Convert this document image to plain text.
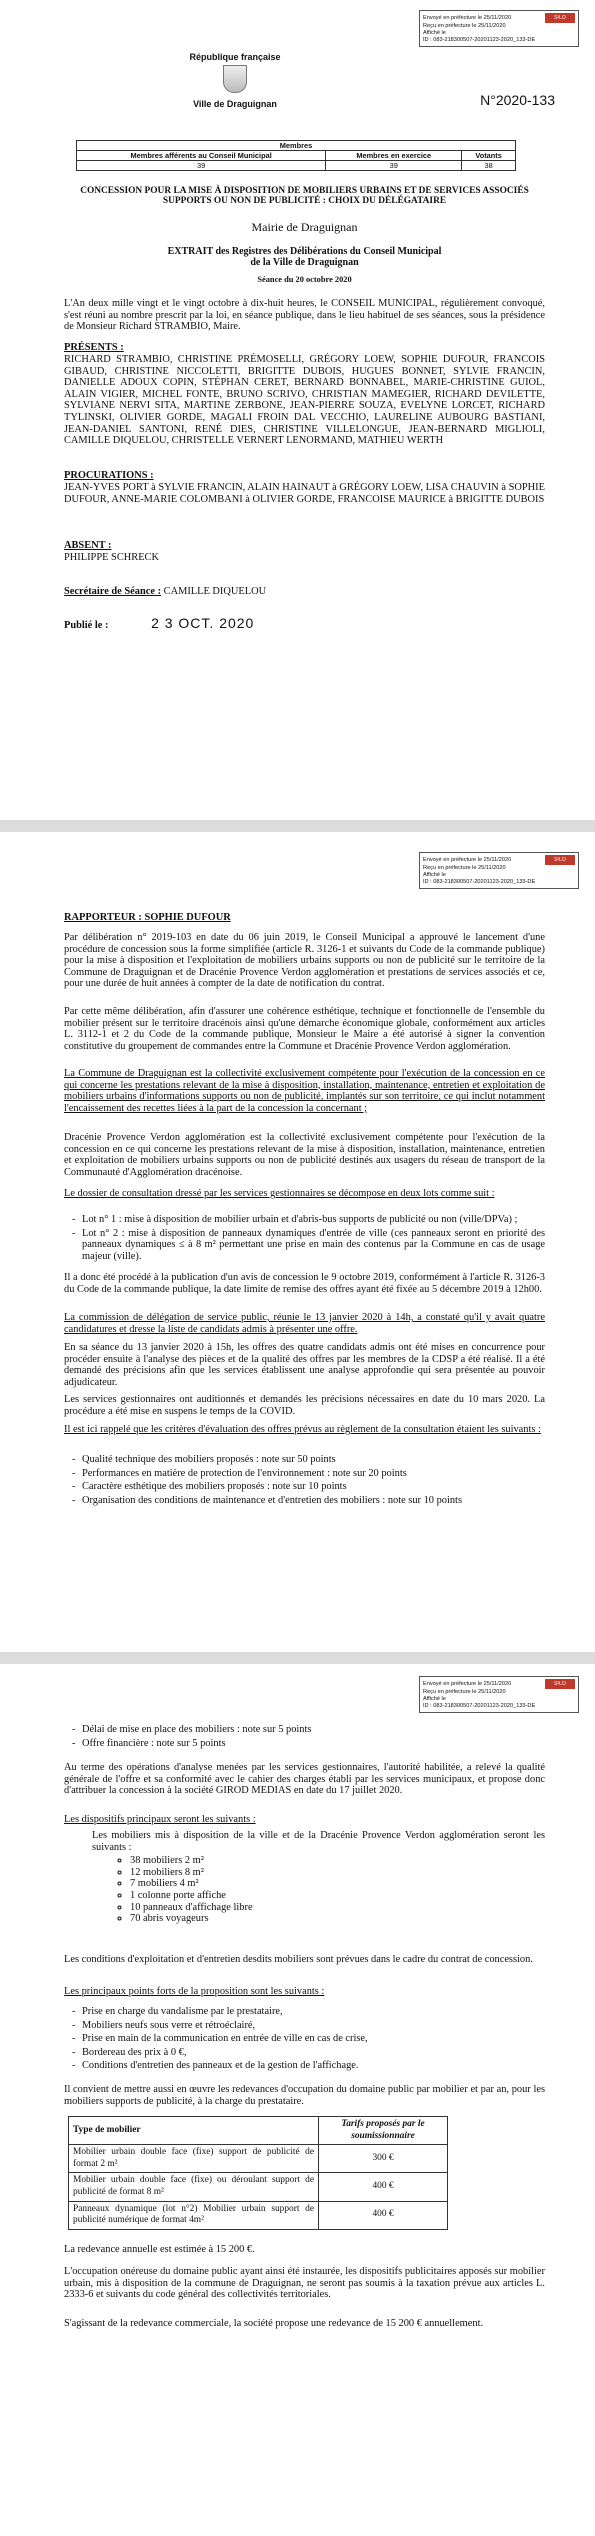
Envoyé en préfecture le 25/11/2020	S²LO
Reçu en préfecture le 25/11/2020
Affiché le
ID : 083-218300507-20201123-2020_133-DE
République française
Ville de Draguignan	N°2020-133
Membres		
Membres afférents au Conseil Municipal	Membres en exercice	Votants
39	39	38
CONCESSION POUR LA MISE À DISPOSITION DE MOBILIERS URBAINS ET DE SERVICES ASSOCIÉS SUPPORTS OU NON DE PUBLICITÉ : CHOIX DU DÉLÉGATAIRE
Mairie de Draguignan
EXTRAIT des Registres des Délibérations du Conseil Municipal
de la Ville de Draguignan
Séance du 20 octobre 2020
L'An deux mille vingt et le vingt octobre à dix-huit heures, le CONSEIL MUNICIPAL, régulièrement convoqué, s'est réuni au nombre prescrit par la loi, en séance publique, dans le lieu habituel de ses séances, sous la présidence de Monsieur Richard STRAMBIO, Maire.
PRÉSENTS :
RICHARD STRAMBIO, CHRISTINE PRÉMOSELLI, GRÉGORY LOEW, SOPHIE DUFOUR, FRANCOIS GIBAUD, CHRISTINE NICCOLETTI, BRIGITTE DUBOIS, HUGUES BONNET, SYLVIE FRANCIN, DANIELLE ADOUX COPIN, STÉPHAN CERET, BERNARD BONNABEL, MARIE-CHRISTINE GUIOL, ALAIN VIGIER, MICHEL FONTE, BRUNO SCRIVO, CHRISTIAN MAMEGIER, RICHARD DEVILETTE, SYLVIANE NERVI SITA, MARTINE ZERBONE, JEAN-PIERRE SOUZA, EVELYNE LORCET, RICHARD TYLINSKI, OLIVIER GORDE, MAGALI FROIN DAL VECCHIO, LAURELINE AUBOURG BASTIANI, JEAN-DANIEL SANTONI, RENÉ DIES, CHRISTINE VILLELONGUE, JEAN-BERNARD MIGLIOLI, CAMILLE DIQUELOU, CHRISTELLE VERNERT LENORMAND, MATHIEU WERTH
PROCURATIONS :
JEAN-YVES PORT à SYLVIE FRANCIN, ALAIN HAINAUT à GRÉGORY LOEW, LISA CHAUVIN à SOPHIE DUFOUR, ANNE-MARIE COLOMBANI à OLIVIER GORDE, FRANCOISE MAURICE à BRIGITTE DUBOIS
ABSENT :
PHILIPPE SCHRECK
Secrétaire de Séance : CAMILLE DIQUELOU
Publié le :	2 3 OCT. 2020
Envoyé en préfecture le 25/11/2020	S²LO
Reçu en préfecture le 25/11/2020
Affiché le
ID : 083-218300507-20201123-2020_133-DE
RAPPORTEUR : SOPHIE DUFOUR
Par délibération n° 2019-103 en date du 06 juin 2019, le Conseil Municipal a approuvé le lancement d'une procédure de concession sous la forme simplifiée (article R. 3126-1 et suivants du Code de la commande publique) pour la mise à disposition et l'exploitation de mobiliers urbains supports ou non de publicité sur le territoire de la Commune de Draguignan et de Dracénie Provence Verdon agglomération et prestations de services associés et ce, pour une durée de huit années à compter de la date de notification du contrat.
Par cette même délibération, afin d'assurer une cohérence esthétique, technique et fonctionnelle de l'ensemble du mobilier présent sur le territoire dracénois ainsi qu'une démarche économique globale, conformément aux articles L. 3112-1 et 2 du Code de la commande publique, Monsieur le Maire a été autorisé à signer la convention constitutive du groupement de commandes entre la Commune et Dracénie Provence Verdon agglomération.
La Commune de Draguignan est la collectivité exclusivement compétente pour l'exécution de la concession en ce qui concerne les prestations relevant de la mise à disposition, installation, maintenance, entretien et exploitation de mobiliers urbains d'informations supports ou non de publicité, implantés sur son territoire, ce qui inclut notamment l'encaissement des recettes liées à la part de la concession la concernant ;
Dracénie Provence Verdon agglomération est la collectivité exclusivement compétente pour l'exécution de la concession en ce qui concerne les prestations relevant de la mise à disposition, installation, maintenance, entretien et exploitation de mobiliers urbains supports ou non de publicité destinés aux usagers du réseau de transport de la Communauté d'Agglomération dracénoise.
Le dossier de consultation dressé par les services gestionnaires se décompose en deux lots comme suit :
- Lot n° 1 : mise à disposition de mobilier urbain et d'abris-bus supports de publicité ou non (ville/DPVa) ;
- Lot n° 2 : mise à disposition de panneaux dynamiques d'entrée de ville (ces panneaux seront en priorité des panneaux dynamiques ≤ à 8 m² permettant une prise en main des contenus par la Commune en cas de usage majeur (ville).
Il a donc été procédé à la publication d'un avis de concession le 9 octobre 2019, conformément à l'article R. 3126-3 du Code de la commande publique, la date limite de remise des offres ayant été fixée au 5 décembre 2019 à 12h00.
La commission de délégation de service public, réunie le 13 janvier 2020 à 14h, a constaté qu'il y avait quatre candidatures et dresse la liste de candidats admis à présenter une offre.
En sa séance du 13 janvier 2020 à 15h, les offres des quatre candidats admis ont été mises en concurrence pour procéder ensuite à l'analyse des pièces et de la qualité des offres par les membres de la CDSP a été réalisé. Il a été demandé des précisions afin que les services établissent une analyse approfondie qui sera présentée au pouvoir adjudicateur.
Les services gestionnaires ont auditionnés et demandés les précisions nécessaires en date du 10 mars 2020. La procédure a été mise en suspens le temps de la COVID.
Il est ici rappelé que les critères d'évaluation des offres prévus au règlement de la consultation étaient les suivants :
- Qualité technique des mobiliers proposés : note sur 50 points
- Performances en matière de protection de l'environnement : note sur 20 points
- Caractère esthétique des mobiliers proposés : note sur 10 points
- Organisation des conditions de maintenance et d'entretien des mobiliers : note sur 10 points
Envoyé en préfecture le 25/11/2020	S²LO
Reçu en préfecture le 25/11/2020
Affiché le
ID : 083-218300507-20201123-2020_133-DE
- Délai de mise en place des mobiliers : note sur 5 points
- Offre financière : note sur 5 points
Au terme des opérations d'analyse menées par les services gestionnaires, l'autorité habilitée, a relevé la qualité générale de l'offre et sa conformité avec le cahier des charges établi par les services municipaux, et propose donc d'attribuer la concession à la société GIROD MEDIAS en date du 17 juillet 2020.
Les dispositifs principaux seront les suivants :
Les mobiliers mis à disposition de la ville et de la Dracénie Provence Verdon agglomération seront les suivants :
◦ 38 mobiliers 2 m²
◦ 12 mobiliers 8 m²
◦ 7 mobiliers 4 m²
◦ 1 colonne porte affiche
◦ 10 panneaux d'affichage libre
◦ 70 abris voyageurs
Les conditions d'exploitation et d'entretien desdits mobiliers sont prévues dans le cadre du contrat de concession.
Les principaux points forts de la proposition sont les suivants :
- Prise en charge du vandalisme par le prestataire,
- Mobiliers neufs sous verre et rétroéclairé,
- Prise en main de la communication en entrée de ville en cas de crise,
- Bordereau des prix à 0 €,
- Conditions d'entretien des panneaux et de la gestion de l'affichage.
Il convient de mettre aussi en œuvre les redevances d'occupation du domaine public par mobilier et par an, pour les mobiliers supports de publicité, à la charge du prestataire.
Type de mobilier	Tarifs proposés par le soumissionnaire
Mobilier urbain double face (fixe) support de publicité de format 2 m²	300 €
Mobilier urbain double face (fixe) ou déroulant support de publicité de format 8 m²	400 €
Panneaux dynamique (lot n°2) Mobilier urbain support de publicité numérique de format 4m²	400 €
La redevance annuelle est estimée à 15 200 €.
L'occupation onéreuse du domaine public ayant ainsi été instaurée, les dispositifs publicitaires apposés sur mobilier urbain, mis à disposition de la commune de Draguignan, ne seront pas soumis à la taxation prévue aux articles L. 2333-6 et suivants du code général des collectivités territoriales.
S'agissant de la redevance commerciale, la société propose une redevance de 15 200 € annuellement.
